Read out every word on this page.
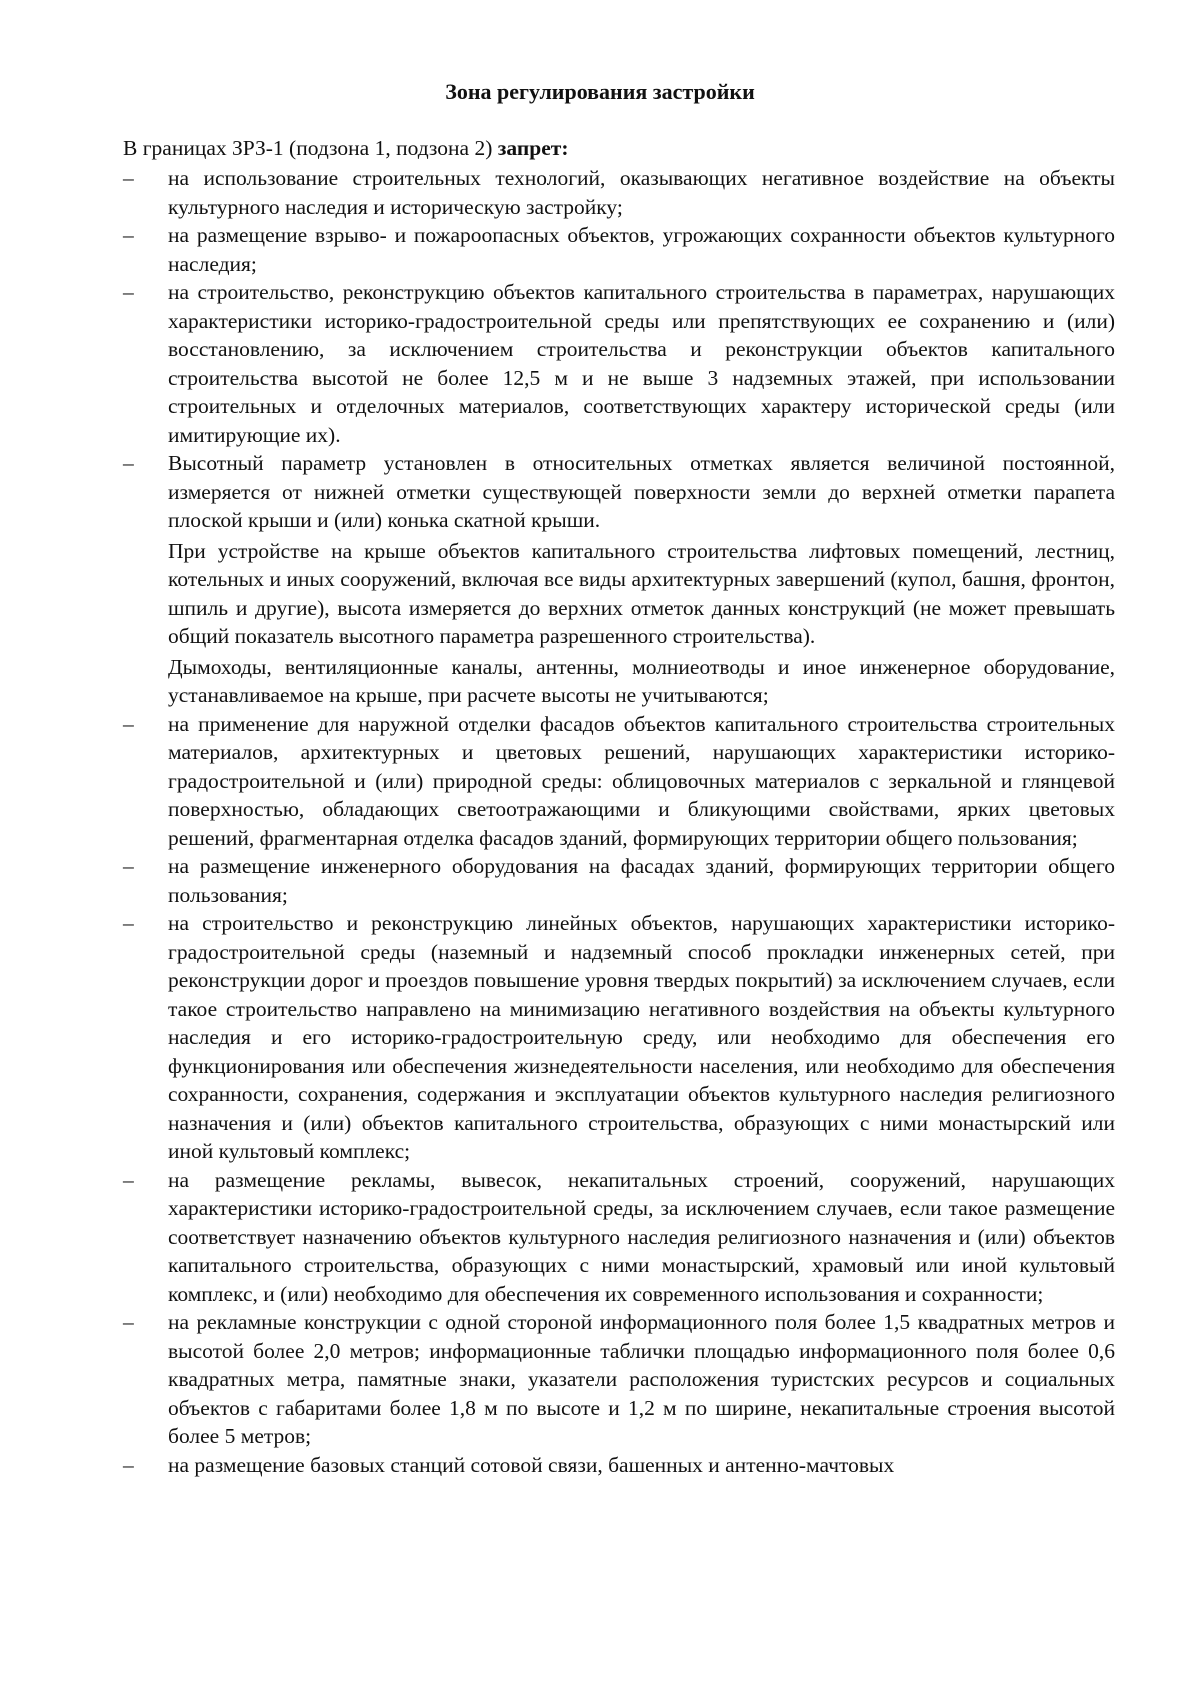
Зона регулирования застройки

В границах ЗРЗ-1 (подзона 1, подзона 2) запрет:

– на использование строительных технологий, оказывающих негативное воздействие на объекты культурного наследия и историческую застройку;
– на размещение взрыво- и пожароопасных объектов, угрожающих сохранности объектов культурного наследия;
– на строительство, реконструкцию объектов капитального строительства в параметрах, нарушающих характеристики историко-градостроительной среды или препятствующих ее сохранению и (или) восстановлению, за исключением строительства и реконструкции объектов капитального строительства высотой не более 12,5 м и не выше 3 надземных этажей, при использовании строительных и отделочных материалов, соответствующих характеру исторической среды (или имитирующие их).
– Высотный параметр установлен в относительных отметках является величиной постоянной, измеряется от нижней отметки существующей поверхности земли до верхней отметки парапета плоской крыши и (или) конька скатной крыши.
При устройстве на крыше объектов капитального строительства лифтовых помещений, лестниц, котельных и иных сооружений, включая все виды архитектурных завершений (купол, башня, фронтон, шпиль и другие), высота измеряется до верхних отметок данных конструкций (не может превышать общий показатель высотного параметра разрешенного строительства).
Дымоходы, вентиляционные каналы, антенны, молниеотводы и иное инженерное оборудование, устанавливаемое на крыше, при расчете высоты не учитываются;
– на применение для наружной отделки фасадов объектов капитального строительства строительных материалов, архитектурных и цветовых решений, нарушающих характеристики историко-градостроительной и (или) природной среды: облицовочных материалов с зеркальной и глянцевой поверхностью, обладающих светоотражающими и бликующими свойствами, ярких цветовых решений, фрагментарная отделка фасадов зданий, формирующих территории общего пользования;
– на размещение инженерного оборудования на фасадах зданий, формирующих территории общего пользования;
– на строительство и реконструкцию линейных объектов, нарушающих характеристики историко-градостроительной среды (наземный и надземный способ прокладки инженерных сетей, при реконструкции дорог и проездов повышение уровня твердых покрытий) за исключением случаев, если такое строительство направлено на минимизацию негативного воздействия на объекты культурного наследия и его историко-градостроительную среду, или необходимо для обеспечения его функционирования или обеспечения жизнедеятельности населения, или необходимо для обеспечения сохранности, сохранения, содержания и эксплуатации объектов культурного наследия религиозного назначения и (или) объектов капитального строительства, образующих с ними монастырский или иной культовый комплекс;
– на размещение рекламы, вывесок, некапитальных строений, сооружений, нарушающих характеристики историко-градостроительной среды, за исключением случаев, если такое размещение соответствует назначению объектов культурного наследия религиозного назначения и (или) объектов капитального строительства, образующих с ними монастырский, храмовый или иной культовый комплекс, и (или) необходимо для обеспечения их современного использования и сохранности;
– на рекламные конструкции с одной стороной информационного поля более 1,5 квадратных метров и высотой более 2,0 метров; информационные таблички площадью информационного поля более 0,6 квадратных метра, памятные знаки, указатели расположения туристских ресурсов и социальных объектов с габаритами более 1,8 м по высоте и 1,2 м по ширине, некапитальные строения высотой более 5 метров;
– на размещение базовых станций сотовой связи, башенных и антенно-мачтовых
